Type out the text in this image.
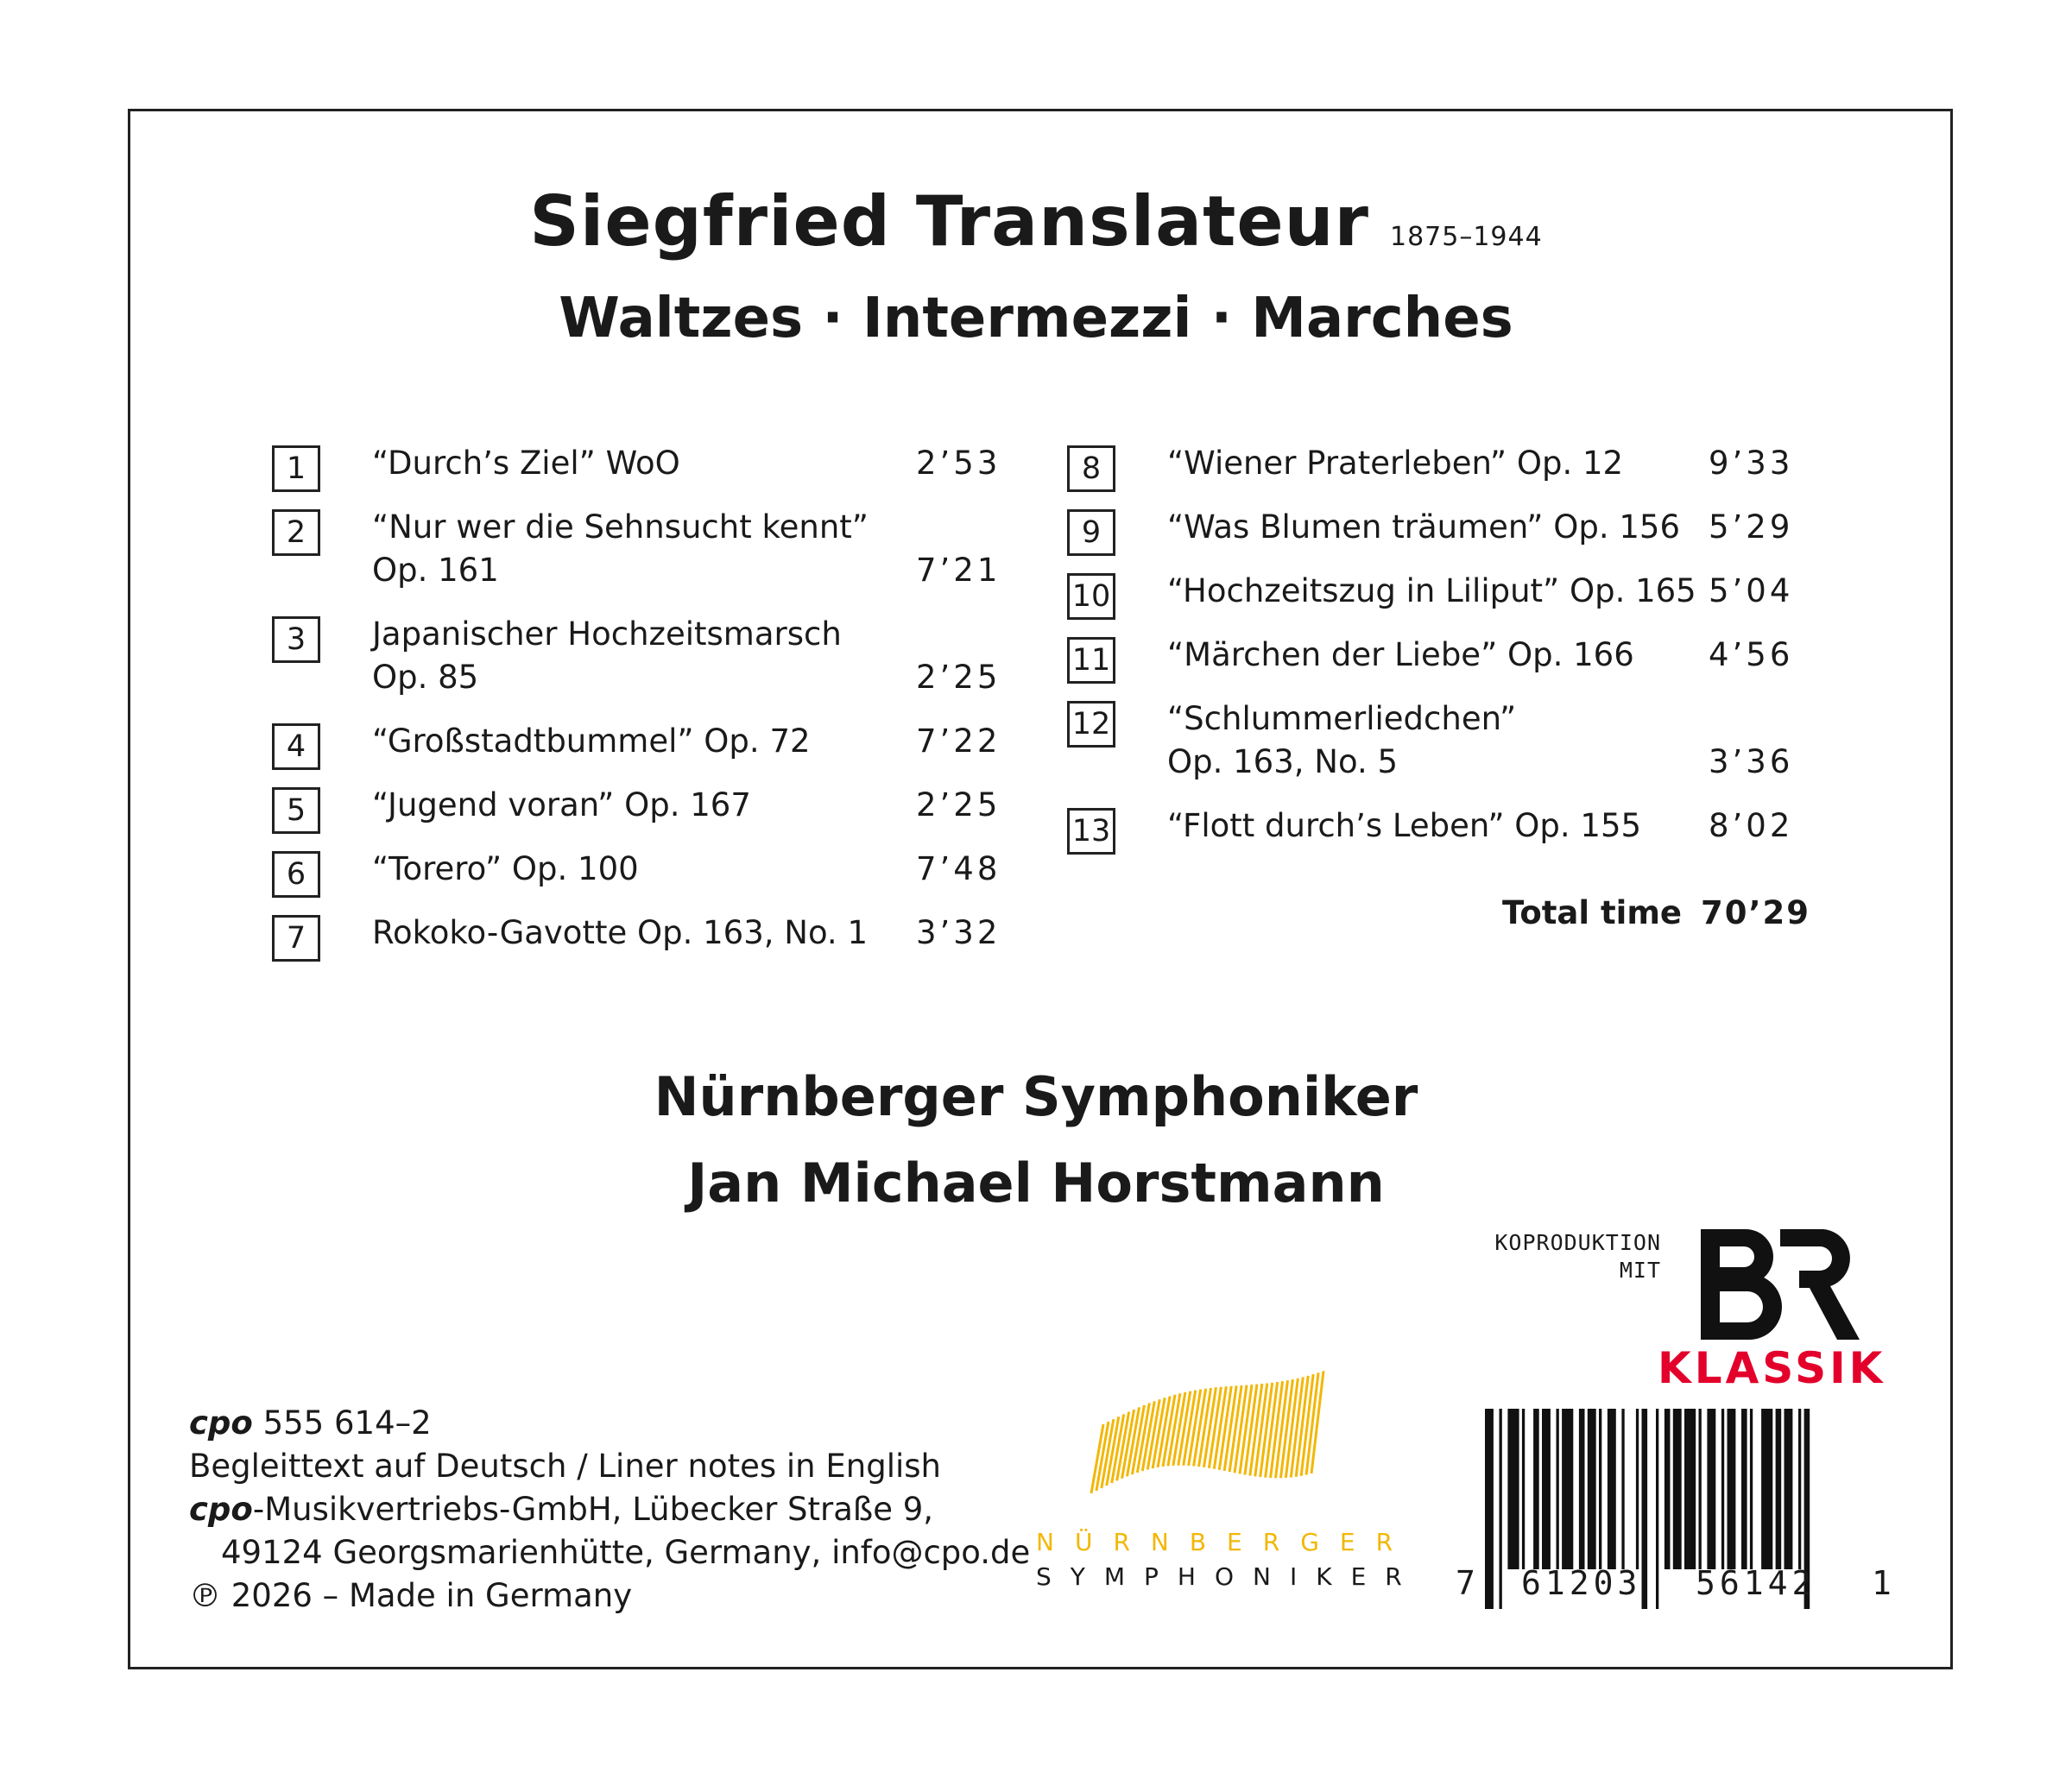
Siegfried Translateur 1875–1944
Waltzes · Intermezzi · Marches
1	“Durch’s Ziel” WoO	2’53
2	“Nur wer die Sehnsucht kennt”
Op. 161	7’21
3	Japanischer Hochzeitsmarsch
Op. 85	2’25
4	“Großstadtbummel” Op. 72	7’22
5	“Jugend voran” Op. 167	2’25
6	“Torero” Op. 100	7’48
7	Rokoko-Gavotte Op. 163, No. 1 3’32
8	“Wiener Praterleben” Op. 12	9’33
9	“Was Blumen träumen” Op. 156 5’29
10 “Hochzeitszug in Liliput” Op. 165 5’04
11 “Märchen der Liebe” Op. 166 4’56
12 “Schlummerliedchen”
Op. 163, No. 5	3’36
13 “Flott durch’s Leben” Op. 155 8’02
Total time 70’29
Nürnberger Symphoniker
Jan Michael Horstmann
KOPRODUKTION
MIT
KLASSIK
NÜRNBERGER
SYMPHONIKER
cpo 555 614–2
Begleittext auf Deutsch / Liner notes in English
cpo-Musikvertriebs-GmbH, Lübecker Straße 9,
49124 Georgsmarienhütte, Germany, info@cpo.de
℗ 2026 – Made in Germany	7 61203 56142 1
